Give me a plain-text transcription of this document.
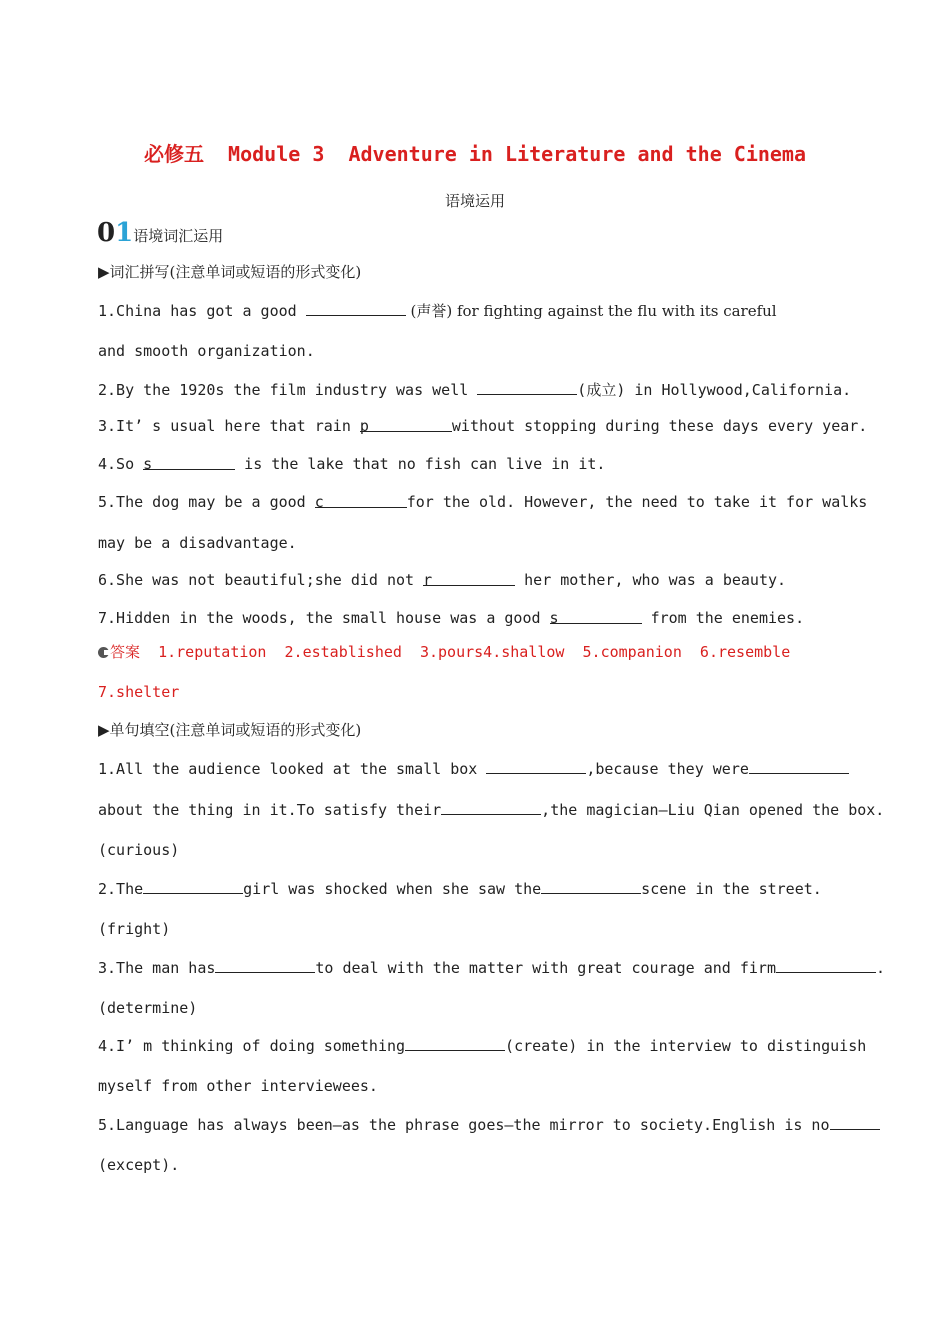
必修五  Module 3  Adventure in Literature and the Cinema
语境运用
01语境词汇运用
▶词汇拼写(注意单词或短语的形式变化)
1.China has got a good	(声誉) for fighting against the flu with its careful
and smooth organization.
2.By the 1920s the film industry was well	(成立) in Hollywood,California.
3.It’ s usual here that rain p	without stopping during these days every year.
4.So s	is the lake that no fish can live in it.
5.The dog may be a good c	for the old. However, the need to take it for walks
may be a disadvantage.
6.She was not beautiful;she did not r	her mother, who was a beauty.
7.Hidden in the woods, the small house was a good s	from the enemies.
答案  1.reputation  2.established  3.pours4.shallow  5.companion  6.resemble
7.shelter
▶单句填空(注意单词或短语的形式变化)
1.All the audience looked at the small box	,because they were
about the thing in it.To satisfy their	,the magician—Liu Qian opened the box.
(curious)
2.The	girl was shocked when she saw the	scene in the street.
(fright)
3.The man has	to deal with the matter with great courage and firm	.
(determine)
4.I’ m thinking of doing something	(create) in the interview to distinguish
myself from other interviewees.
5.Language has always been—as the phrase goes—the mirror to society.English is no
(except).
